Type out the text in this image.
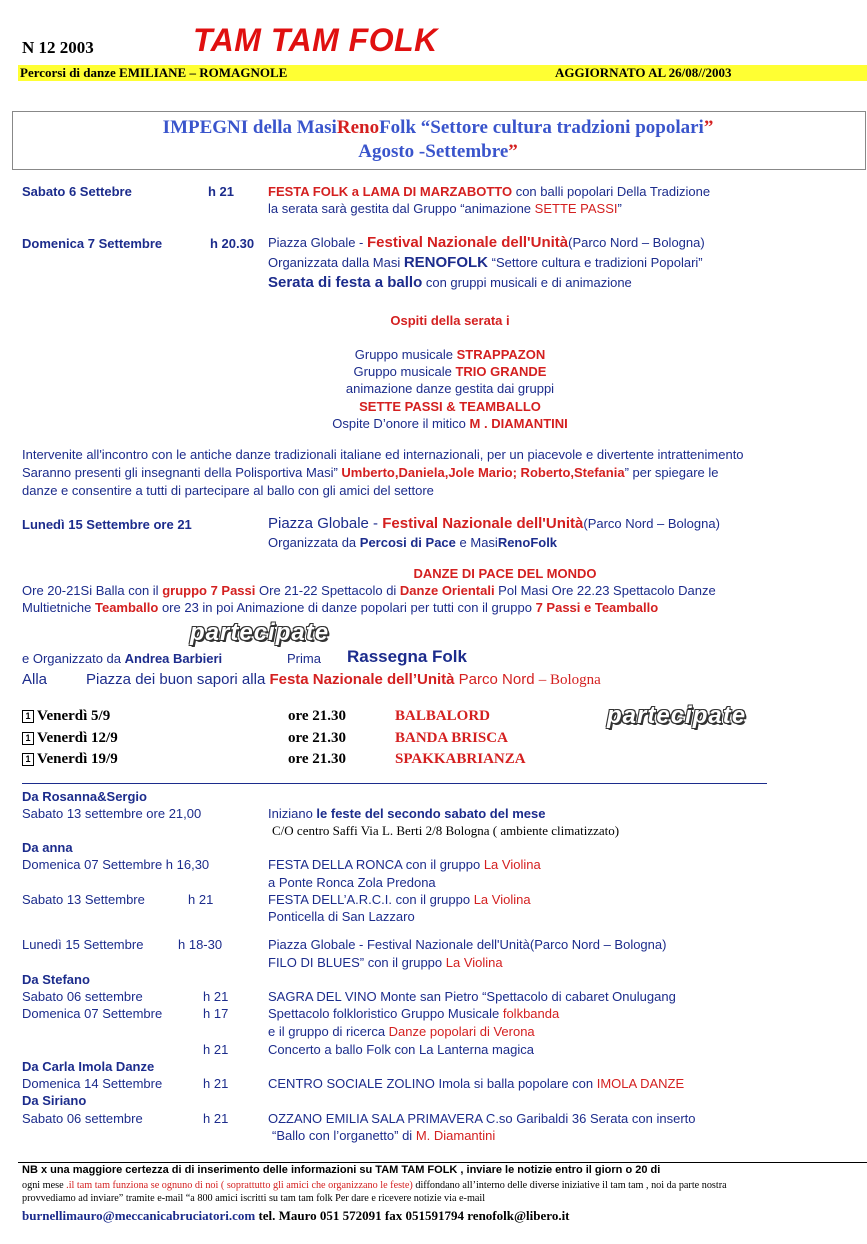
N 12 2003	TAM TAM FOLK
Percorsi di danze EMILIANE – ROMAGNOLE	AGGIORNATO AL 26/08//2003
IMPEGNI della MasiRenoFolk “Settore cultura tradzioni popolari”
Agosto -Settembre”
Sabato 6 Settebre	h 21	FESTA FOLK a LAMA DI MARZABOTTO con balli popolari Della Tradizione
la serata sarà gestita dal Gruppo “animazione SETTE PASSI”
Domenica 7 Settembre	h 20.30 Piazza Globale - Festival Nazionale dell'Unità(Parco Nord – Bologna)
Organizzata dalla Masi RENOFOLK “Settore cultura e tradizioni Popolari”
Serata di festa a ballo con gruppi musicali e di animazione
Ospiti della serata i
Gruppo musicale STRAPPAZON
Gruppo musicale TRIO GRANDE
animazione danze gestita dai gruppi
SETTE PASSI & TEAMBALLO
Ospite D’onore il mitico M . DIAMANTINI
Intervenite all'incontro con le antiche danze tradizionali italiane ed internazionali, per un piacevole e divertente intrattenimento
Saranno presenti gli insegnanti della Polisportiva Masi” Umberto,Daniela,Jole Mario; Roberto,Stefania” per spiegare le
danze e consentire a tutti di partecipare al ballo con gli amici del settore
Lunedì 15 Settembre ore 21	Piazza Globale - Festival Nazionale dell'Unità(Parco Nord – Bologna)
Organizzata da Percosi di Pace e MasiRenoFolk
DANZE DI PACE DEL MONDO
Ore 20-21Si Balla con il gruppo 7 Passi Ore 21-22 Spettacolo di Danze Orientali Pol Masi Ore 22.23 Spettacolo Danze
Multietniche Teamballo ore 23 in poi Animazione di danze popolari per tutti con il gruppo 7 Passi e Teamballo
partecipate
e Organizzato da Andrea Barbieri	Prima Rassegna Folk
Alla	Piazza dei buon sapori alla Festa Nazionale dell’Unità Parco Nord – Bologna
1 Venerdì 5/9	ore 21.30	BALBALORD
1 Venerdì 12/9	ore 21.30	BANDA BRISCA
1 Venerdì 19/9	ore 21.30	SPAKKABRIANZA
partecipate
Da Rosanna&Sergio
Sabato 13 settembre ore 21,00	Iniziano le feste del secondo sabato del mese
C/O centro Saffi Via L. Berti 2/8 Bologna ( ambiente climatizzato)
Da anna
Domenica 07 Settembre h 16,30	FESTA DELLA RONCA con il gruppo La Violina
a Ponte Ronca Zola Predona
Sabato 13 Settembre	h 21	FESTA DELL’A.R.C.I. con il gruppo La Violina
Ponticella di San Lazzaro
Lunedì 15 Settembre	h 18-30	Piazza Globale - Festival Nazionale dell'Unità(Parco Nord – Bologna)
FILO DI BLUES” con il gruppo La Violina
Da Stefano
Sabato 06 settembre	h 21	SAGRA DEL VINO Monte san Pietro “Spettacolo di cabaret Onulugang
Domenica 07 Settembre	h 17	Spettacolo folkloristico Gruppo Musicale folkbanda
e il gruppo di ricerca Danze popolari di Verona
h 21	Concerto a ballo Folk con La Lanterna magica
Da Carla Imola Danze
Domenica 14 Settembre	h 21	CENTRO SOCIALE ZOLINO Imola si balla popolare con IMOLA DANZE
Da Siriano
Sabato 06 settembre	h 21	OZZANO EMILIA SALA PRIMAVERA C.so Garibaldi 36 Serata con inserto
“Ballo con l’organetto” di M. Diamantini
NB x una maggiore certezza di di inserimento delle informazioni su TAM TAM FOLK , inviare le notizie entro il giorn o 20 di
ogni mese .il tam tam funziona se ognuno di noi ( soprattutto gli amici che organizzano le feste) diffondano all’interno delle diverse iniziative il tam tam , noi da parte nostra
provvediamo ad inviare” tramite e-mail “a 800 amici iscritti su tam tam folk Per dare e ricevere notizie via e-mail
burnellimauro@meccanicabruciatori.com tel. Mauro 051 572091 fax 051591794 renofolk@libero.it
